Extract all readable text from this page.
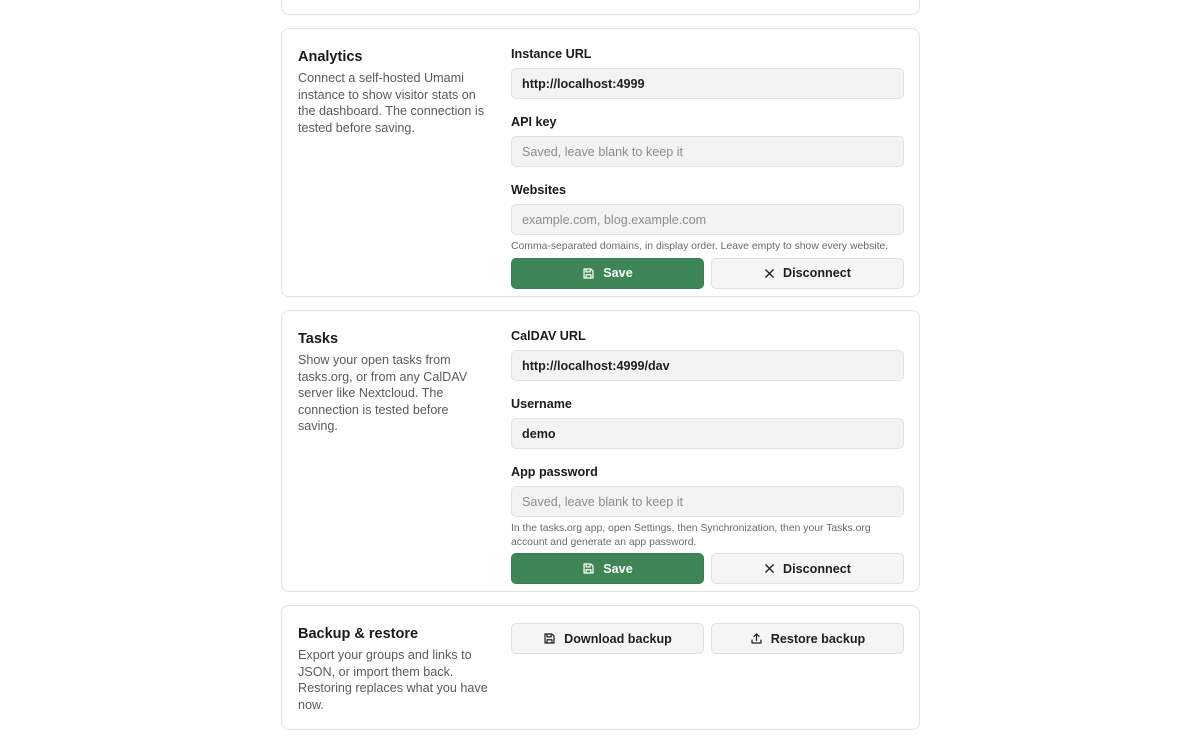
Analytics

Connect a self-hosted Umami instance to show visitor stats on the dashboard. The connection is tested before saving.

Instance URL
http://localhost:4999
API key
Websites
example.com, blog.example.com
Comma-separated domains, in display order. Leave empty to show every website.
Save	Disconnect
Tasks

Show your open tasks from tasks.org, or from any CalDAV server like Nextcloud. The connection is tested before saving.

CalDAV URL
http://localhost:4999/dav
Username
demo
App password
In the tasks.org app, open Settings, then Synchronization, then your Tasks.org account and generate an app password.
Save	Disconnect
Backup & restore

Export your groups and links to JSON, or import them back. Restoring replaces what you have now.

Download backup	Restore backup
